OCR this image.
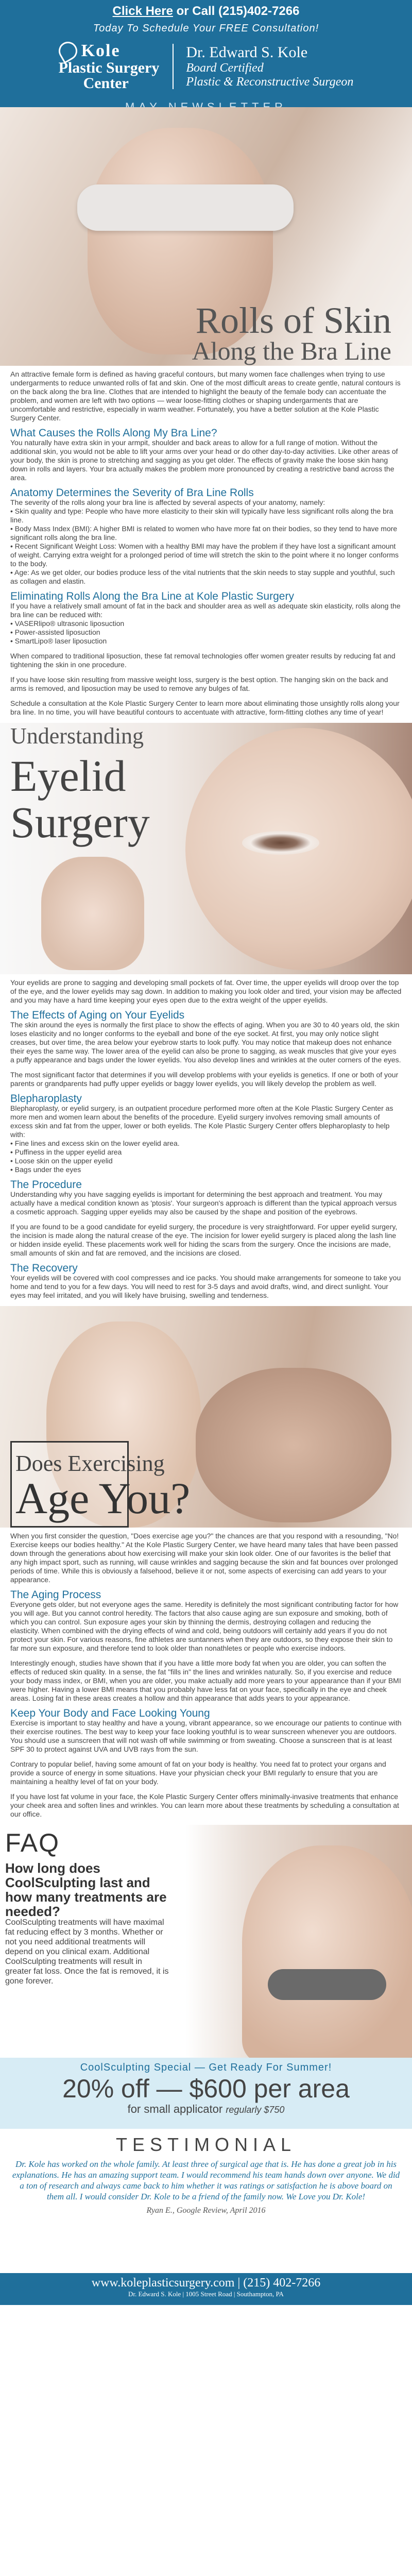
Click Here or Call (215)402-7266
Today To Schedule Your FREE Consultation!
Kole
Plastic Surgery
Center
Dr. Edward S. Kole
Board Certified
Plastic & Reconstructive Surgeon
Rolls of Skin
Along the Bra Line

An attractive female form is defined as having graceful contours, but many women face challenges when trying to use undergarments to reduce unwanted rolls of fat and skin. One of the most difficult areas to create gentle, natural contours is on the back along the bra line. Clothes that are intended to highlight the beauty of the female body can accentuate the problem, and women are left with two options — wear loose-fitting clothes or shaping undergarments that are uncomfortable and restrictive, especially in warm weather. Fortunately, you have a better solution at the Kole Plastic Surgery Center.

What Causes the Rolls Along My Bra Line?

You naturally have extra skin in your armpit, shoulder and back areas to allow for a full range of motion. Without the additional skin, you would not be able to lift your arms over your head or do other day-to-day activities. Like other areas of your body, the skin is prone to stretching and sagging as you get older. The effects of gravity make the loose skin hang down in rolls and layers. Your bra actually makes the problem more pronounced by creating a restrictive band across the area.

Anatomy Determines the Severity of Bra Line Rolls

The severity of the rolls along your bra line is affected by several aspects of your anatomy, namely:

• Skin quality and type: People who have more elasticity to their skin will typically have less significant rolls along the bra line.
• Body Mass Index (BMI): A higher BMI is related to women who have more fat on their bodies, so they tend to have more significant rolls along the bra line.
• Recent Significant Weight Loss: Women with a healthy BMI may have the problem if they have lost a significant amount of weight. Carrying extra weight for a prolonged period of time will stretch the skin to the point where it no longer conforms to the body.
• Age: As we get older, our bodies produce less of the vital nutrients that the skin needs to stay supple and youthful, such as collagen and elastin.
Eliminating Rolls Along the Bra Line at Kole Plastic Surgery

If you have a relatively small amount of fat in the back and shoulder area as well as adequate skin elasticity, rolls along the bra line can be reduced with:

• VASERlipo® ultrasonic liposuction
• Power-assisted liposuction
• SmartLipo® laser liposuction

When compared to traditional liposuction, these fat removal technologies offer women greater results by reducing fat and tightening the skin in one procedure.

If you have loose skin resulting from massive weight loss, surgery is the best option. The hanging skin on the back and arms is removed, and liposuction may be used to remove any bulges of fat.

Schedule a consultation at the Kole Plastic Surgery Center to learn more about eliminating those unsightly rolls along your bra line. In no time, you will have beautiful contours to accentuate with attractive, form-fitting clothes any time of year!

Understanding
Eyelid
Surgery

Your eyelids are prone to sagging and developing small pockets of fat. Over time, the upper eyelids will droop over the top of the eye, and the lower eyelids may sag down. In addition to making you look older and tired, your vision may be affected and you may have a hard time keeping your eyes open due to the extra weight of the upper eyelids.

The Effects of Aging on Your Eyelids

The skin around the eyes is normally the first place to show the effects of aging. When you are 30 to 40 years old, the skin loses elasticity and no longer conforms to the eyeball and bone of the eye socket. At first, you may only notice slight creases, but over time, the area below your eyebrow starts to look puffy. You may notice that makeup does not enhance their eyes the same way. The lower area of the eyelid can also be prone to sagging, as weak muscles that give your eyes a puffy appearance and bags under the lower eyelids. You also develop lines and wrinkles at the outer corners of the eyes.

The most significant factor that determines if you will develop problems with your eyelids is genetics. If one or both of your parents or grandparents had puffy upper eyelids or baggy lower eyelids, you will likely develop the problem as well.

Blepharoplasty

Blepharoplasty, or eyelid surgery, is an outpatient procedure performed more often at the Kole Plastic Surgery Center as more men and women learn about the benefits of the procedure. Eyelid surgery involves removing small amounts of excess skin and fat from the upper, lower or both eyelids. The Kole Plastic Surgery Center offers blepharoplasty to help with:

• Fine lines and excess skin on the lower eyelid area.
• Puffiness in the upper eyelid area
• Loose skin on the upper eyelid
• Bags under the eyes
The Procedure

Understanding why you have sagging eyelids is important for determining the best approach and treatment. You may actually have a medical condition known as 'ptosis'. Your surgeon's approach is different than the typical approach versus a cosmetic approach. Sagging upper eyelids may also be caused by the shape and position of the eyebrows.

If you are found to be a good candidate for eyelid surgery, the procedure is very straightforward. For upper eyelid surgery, the incision is made along the natural crease of the eye. The incision for lower eyelid surgery is placed along the lash line or hidden inside eyelid. These placements work well for hiding the scars from the surgery. Once the incisions are made, small amounts of skin and fat are removed, and the incisions are closed.

The Recovery

Your eyelids will be covered with cool compresses and ice packs. You should make arrangements for someone to take you home and tend to you for a few days. You will need to rest for 3-5 days and avoid drafts, wind, and direct sunlight. Your eyes may feel irritated, and you will likely have bruising, swelling and tenderness.

Does Exercising
Age You?

When you first consider the question, "Does exercise age you?" the chances are that you respond with a resounding, "No! Exercise keeps our bodies healthy." At the Kole Plastic Surgery Center, we have heard many tales that have been passed down through the generations about how exercising will make your skin look older. One of our favorites is the belief that any high impact sport, such as running, will cause wrinkles and sagging because the skin and fat bounces over prolonged periods of time. While this is obviously a falsehood, believe it or not, some aspects of exercising can add years to your appearance.

The Aging Process

Everyone gets older, but not everyone ages the same. Heredity is definitely the most significant contributing factor for how you will age. But you cannot control heredity. The factors that also cause aging are sun exposure and smoking, both of which you can control. Sun exposure ages your skin by thinning the dermis, destroying collagen and reducing the elasticity. When combined with the drying effects of wind and cold, being outdoors will certainly add years if you do not protect your skin. For various reasons, fine athletes are suntanners when they are outdoors, so they expose their skin to far more sun exposure, and therefore tend to look older than nonathletes or people who exercise indoors.

Interestingly enough, studies have shown that if you have a little more body fat when you are older, you can soften the effects of reduced skin quality. In a sense, the fat "fills in" the lines and wrinkles naturally. So, if you exercise and reduce your body mass index, or BMI, when you are older, you make actually add more years to your appearance than if your BMI were higher. Having a lower BMI means that you probably have less fat on your face, specifically in the eye and cheek areas. Losing fat in these areas creates a hollow and thin appearance that adds years to your appearance.

Keep Your Body and Face Looking Young

Exercise is important to stay healthy and have a young, vibrant appearance, so we encourage our patients to continue with their exercise routines. The best way to keep your face looking youthful is to wear sunscreen whenever you are outdoors. You should use a sunscreen that will not wash off while swimming or from sweating. Choose a sunscreen that is at least SPF 30 to protect against UVA and UVB rays from the sun.

Contrary to popular belief, having some amount of fat on your body is healthy. You need fat to protect your organs and provide a source of energy in some situations. Have your physician check your BMI regularly to ensure that you are maintaining a healthy level of fat on your body.

If you have lost fat volume in your face, the Kole Plastic Surgery Center offers minimally-invasive treatments that enhance your cheek area and soften lines and wrinkles. You can learn more about these treatments by scheduling a consultation at our office.

FAQ
How long does CoolSculpting last and how many treatments are needed?
CoolSculpting treatments will have maximal fat reducing effect by 3 months. Whether or not you need additional treatments will depend on you clinical exam. Additional CoolSculpting treatments will result in greater fat loss. Once the fat is removed, it is gone forever.
CoolSculpting Special — Get Ready For Summer!
20% off — $600 per area
for small applicator regularly $750
TESTIMONIAL
Dr. Kole has worked on the whole family. At least three of surgical age that is. He has done a great job in his explanations. He has an amazing support team. I would recommend his team hands down over anyone. We did a ton of research and always came back to him whether it was ratings or satisfaction he is above board on them all. I would consider Dr. Kole to be a friend of the family now. We Love you Dr. Kole!
Ryan E., Google Review, April 2016
www.koleplasticsurgery.com | (215) 402-7266
Dr. Edward S. Kole | 1005 Street Road | Southampton, PA
